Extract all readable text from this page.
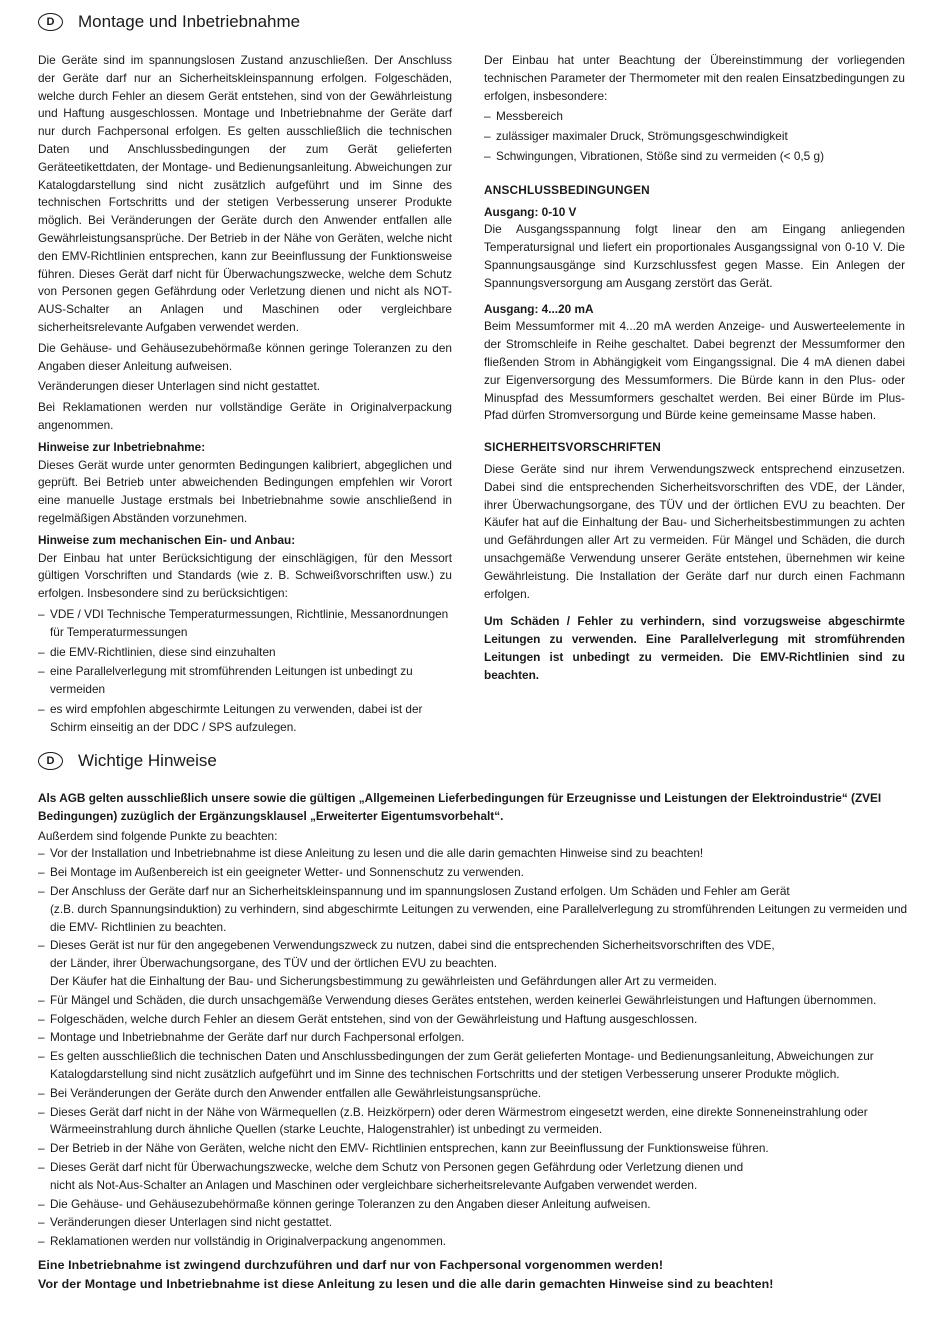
D	Montage und Inbetriebnahme

Die Geräte sind im spannungslosen Zustand anzuschließen. Der Anschluss der Geräte darf nur an Sicherheitskleinspannung erfolgen. Folgeschäden, welche durch Fehler an diesem Gerät entstehen, sind von der Gewährleistung und Haftung ausgeschlossen. Montage und Inbetriebnahme der Geräte darf nur durch Fachpersonal erfolgen. Es gelten ausschließlich die technischen Daten und Anschlussbedingungen der zum Gerät gelieferten Geräteetikettdaten, der Montage- und Bedienungsanleitung. Abweichungen zur Katalogdarstellung sind nicht zusätzlich aufgeführt und im Sinne des technischen Fortschritts und der stetigen Verbesserung unserer Produkte möglich. Bei Veränderungen der Geräte durch den Anwender entfallen alle Gewährleistungsansprüche. Der Betrieb in der Nähe von Geräten, welche nicht den EMV-Richtlinien entsprechen, kann zur Beeinflussung der Funktionsweise führen. Dieses Gerät darf nicht für Überwachungszwecke, welche dem Schutz von Personen gegen Gefährdung oder Verletzung dienen und nicht als NOT-AUS-Schalter an Anlagen und Maschinen oder vergleichbare sicherheitsrelevante Aufgaben verwendet werden.

Die Gehäuse- und Gehäusezubehörmaße können geringe Toleranzen zu den Angaben dieser Anleitung aufweisen.

Veränderungen dieser Unterlagen sind nicht gestattet.

Bei Reklamationen werden nur vollständige Geräte in Originalverpackung angenommen.

Hinweise zur Inbetriebnahme:

Dieses Gerät wurde unter genormten Bedingungen kalibriert, abgeglichen und geprüft. Bei Betrieb unter abweichenden Bedingungen empfehlen wir Vorort eine manuelle Justage erstmals bei Inbetriebnahme sowie anschließend in regelmäßigen Abständen vorzunehmen.

Hinweise zum mechanischen Ein- und Anbau:

Der Einbau hat unter Berücksichtigung der einschlägigen, für den Messort gültigen Vorschriften und Standards (wie z. B. Schweißvorschriften usw.) zu erfolgen. Insbesondere sind zu berücksichtigen:

– VDE / VDI Technische Temperaturmessungen, Richtlinie, Messanordnungen für Temperaturmessungen
– die EMV-Richtlinien, diese sind einzuhalten
– eine Parallelverlegung mit stromführenden Leitungen ist unbedingt zu vermeiden
– es wird empfohlen abgeschirmte Leitungen zu verwenden, dabei ist der Schirm einseitig an der DDC / SPS aufzulegen.

Der Einbau hat unter Beachtung der Übereinstimmung der vorliegenden technischen Parameter der Thermometer mit den realen Einsatzbedingungen zu erfolgen, insbesondere:

– Messbereich
– zulässiger maximaler Druck, Strömungsgeschwindigkeit
– Schwingungen, Vibrationen, Stöße sind zu vermeiden (< 0,5 g)

ANSCHLUSSBEDINGUNGEN

Ausgang: 0-10 V

Die Ausgangsspannung folgt linear den am Eingang anliegenden Temperatursignal und liefert ein proportionales Ausgangssignal von 0-10 V. Die Spannungsausgänge sind Kurzschlussfest gegen Masse. Ein Anlegen der Spannungsversorgung am Ausgang zerstört das Gerät.

Ausgang: 4...20 mA

Beim Messumformer mit 4...20 mA werden Anzeige- und Auswerteelemente in der Stromschleife in Reihe geschaltet. Dabei begrenzt der Messumformer den fließenden Strom in Abhängigkeit vom Eingangssignal. Die 4 mA dienen dabei zur Eigenversorgung des Messumformers. Die Bürde kann in den Plus- oder Minuspfad des Messumformers geschaltet werden. Bei einer Bürde im Plus-Pfad dürfen Stromversorgung und Bürde keine gemeinsame Masse haben.

SICHERHEITSVORSCHRIFTEN

Diese Geräte sind nur ihrem Verwendungszweck entsprechend einzusetzen. Dabei sind die entsprechenden Sicherheitsvorschriften des VDE, der Länder, ihrer Überwachungsorgane, des TÜV und der örtlichen EVU zu beachten. Der Käufer hat auf die Einhaltung der Bau- und Sicherheitsbestimmungen zu achten und Gefährdungen aller Art zu vermeiden. Für Mängel und Schäden, die durch unsachgemäße Verwendung unserer Geräte entstehen, übernehmen wir keine Gewährleistung. Die Installation der Geräte darf nur durch einen Fachmann erfolgen.

Um Schäden / Fehler zu verhindern, sind vorzugsweise abgeschirmte Leitungen zu verwenden. Eine Parallelverlegung mit stromführenden Leitungen ist unbedingt zu vermeiden. Die EMV-Richtlinien sind zu beachten.

D	Wichtige Hinweise

Als AGB gelten ausschließlich unsere sowie die gültigen „Allgemeinen Lieferbedingungen für Erzeugnisse und Leistungen der Elektroindustrie“ (ZVEI Bedingungen) zuzüglich der Ergänzungsklausel „Erweiterter Eigentumsvorbehalt“.

Außerdem sind folgende Punkte zu beachten:

– Vor der Installation und Inbetriebnahme ist diese Anleitung zu lesen und die alle darin gemachten Hinweise sind zu beachten!
– Bei Montage im Außenbereich ist ein geeigneter Wetter- und Sonnenschutz zu verwenden.
– Der Anschluss der Geräte darf nur an Sicherheitskleinspannung und im spannungslosen Zustand erfolgen. Um Schäden und Fehler am Gerät
(z.B. durch Spannungsinduktion) zu verhindern, sind abgeschirmte Leitungen zu verwenden, eine Parallelverlegung zu stromführenden Leitungen zu vermeiden und die EMV- Richtlinien zu beachten.
– Dieses Gerät ist nur für den angegebenen Verwendungszweck zu nutzen, dabei sind die entsprechenden Sicherheitsvorschriften des VDE,
der Länder, ihrer Überwachungsorgane, des TÜV und der örtlichen EVU zu beachten.
Der Käufer hat die Einhaltung der Bau- und Sicherungsbestimmung zu gewährleisten und Gefährdungen aller Art zu vermeiden.
– Für Mängel und Schäden, die durch unsachgemäße Verwendung dieses Gerätes entstehen, werden keinerlei Gewährleistungen und Haftungen übernommen.
– Folgeschäden, welche durch Fehler an diesem Gerät entstehen, sind von der Gewährleistung und Haftung ausgeschlossen.
– Montage und Inbetriebnahme der Geräte darf nur durch Fachpersonal erfolgen.
– Es gelten ausschließlich die technischen Daten und Anschlussbedingungen der zum Gerät gelieferten Montage- und Bedienungsanleitung, Abweichungen zur Katalogdarstellung sind nicht zusätzlich aufgeführt und im Sinne des technischen Fortschritts und der stetigen Verbesserung unserer Produkte möglich.
– Bei Veränderungen der Geräte durch den Anwender entfallen alle Gewährleistungsansprüche.
– Dieses Gerät darf nicht in der Nähe von Wärmequellen (z.B. Heizkörpern) oder deren Wärmestrom eingesetzt werden, eine direkte Sonneneinstrahlung oder Wärmeeinstrahlung durch ähnliche Quellen (starke Leuchte, Halogenstrahler) ist unbedingt zu vermeiden.
– Der Betrieb in der Nähe von Geräten, welche nicht den EMV- Richtlinien entsprechen, kann zur Beeinflussung der Funktionsweise führen.
– Dieses Gerät darf nicht für Überwachungszwecke, welche dem Schutz von Personen gegen Gefährdung oder Verletzung dienen und
nicht als Not-Aus-Schalter an Anlagen und Maschinen oder vergleichbare sicherheitsrelevante Aufgaben verwendet werden.
– Die Gehäuse- und Gehäusezubehörmaße können geringe Toleranzen zu den Angaben dieser Anleitung aufweisen.
– Veränderungen dieser Unterlagen sind nicht gestattet.
– Reklamationen werden nur vollständig in Originalverpackung angenommen.

Eine Inbetriebnahme ist zwingend durchzuführen und darf nur von Fachpersonal vorgenommen werden!

Vor der Montage und Inbetriebnahme ist diese Anleitung zu lesen und die alle darin gemachten Hinweise sind zu beachten!
